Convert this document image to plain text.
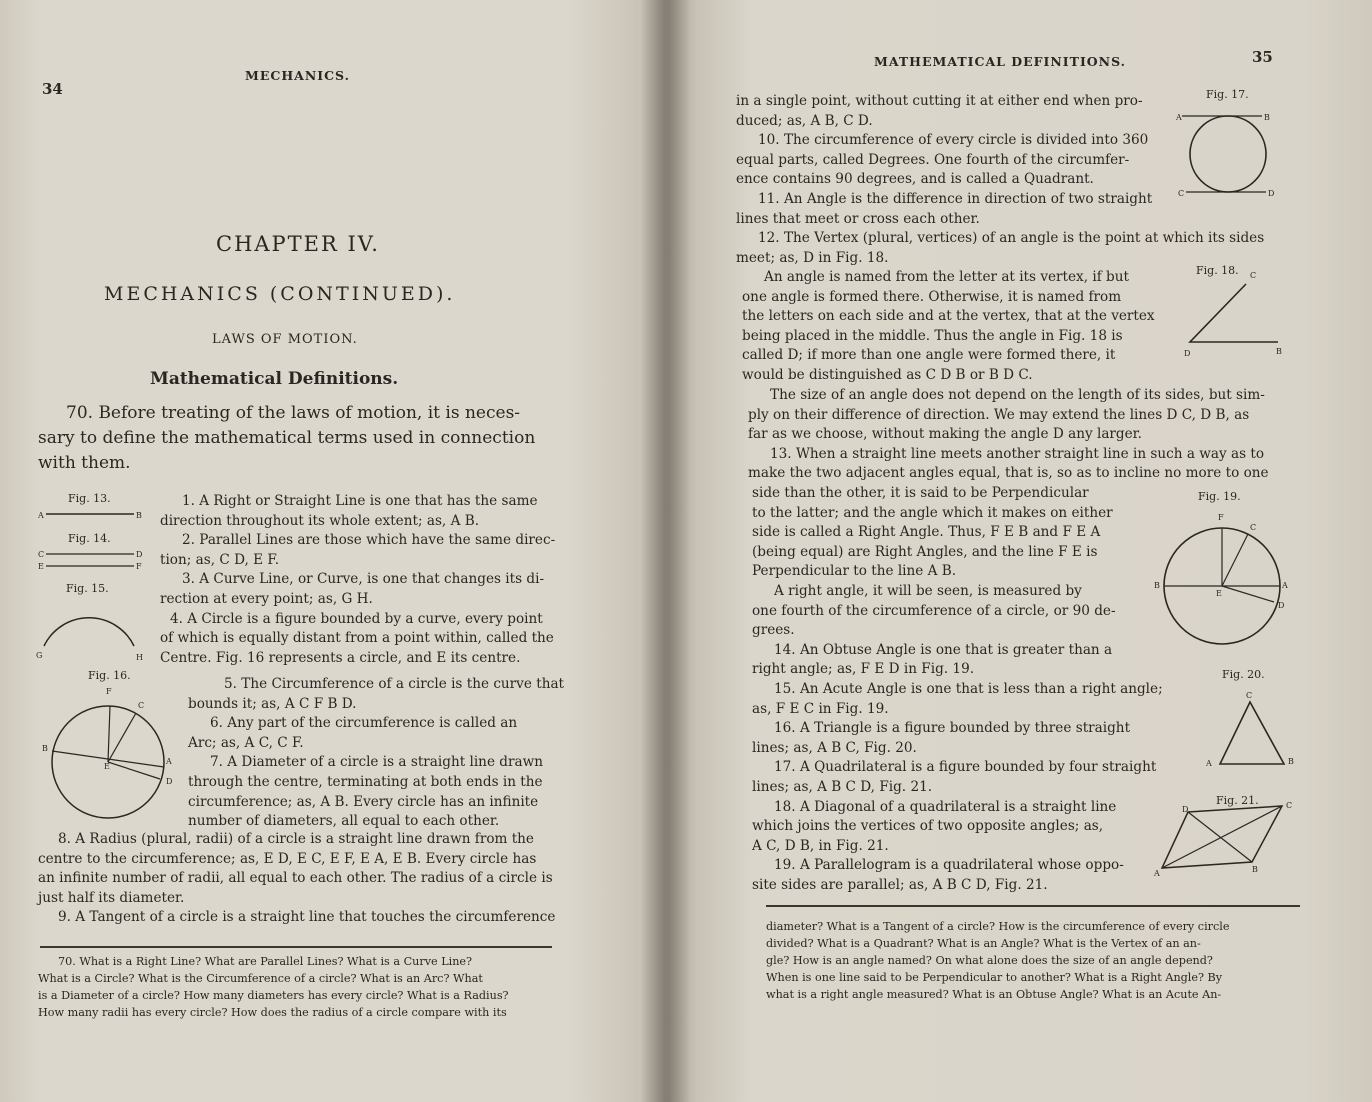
34
MECHANICS.
CHAPTER IV.
MECHANICS (CONTINUED).
LAWS OF MOTION.
Mathematical Definitions.

70. Before treating of the laws of motion, it is neces-

sary to define the mathematical terms used in connection

with them.

1. A Right or Straight Line is one that has the same

direction throughout its whole extent; as, A B.

2. Parallel Lines are those which have the same direc-

tion; as, C D, E F.

3. A Curve Line, or Curve, is one that changes its di-

rection at every point; as, G H.

4. A Circle is a figure bounded by a curve, every point

of which is equally distant from a point within, called the

Centre. Fig. 16 represents a circle, and E its centre.

5. The Circumference of a circle is the curve that

bounds it; as, A C F B D.

6. Any part of the circumference is called an

Arc; as, A C, C F.

7. A Diameter of a circle is a straight line drawn

through the centre, terminating at both ends in the

circumference; as, A B. Every circle has an infinite

number of diameters, all equal to each other.

8. A Radius (plural, radii) of a circle is a straight line drawn from the

centre to the circumference; as, E D, E C, E F, E A, E B. Every circle has

an infinite number of radii, all equal to each other. The radius of a circle is

just half its diameter.

9. A Tangent of a circle is a straight line that touches the circumference

70. What is a Right Line? What are Parallel Lines? What is a Curve Line?

What is a Circle? What is the Circumference of a circle? What is an Arc? What

is a Diameter of a circle? How many diameters has every circle? What is a Radius?

How many radii has every circle? How does the radius of a circle compare with its

Fig. 13.
A	B
Fig. 14.
C	D
E	F
Fig. 15.
G	H
Fig. 16.
F
C
B
A
E
D
35
MATHEMATICAL DEFINITIONS.

in a single point, without cutting it at either end when pro-

duced; as, A B, C D.

10. The circumference of every circle is divided into 360

equal parts, called Degrees. One fourth of the circumfer-

ence contains 90 degrees, and is called a Quadrant.

11. An Angle is the difference in direction of two straight

lines that meet or cross each other.

12. The Vertex (plural, vertices) of an angle is the point at which its sides

meet; as, D in Fig. 18.

An angle is named from the letter at its vertex, if but

one angle is formed there. Otherwise, it is named from

the letters on each side and at the vertex, that at the vertex

being placed in the middle. Thus the angle in Fig. 18 is

called D; if more than one angle were formed there, it

would be distinguished as C D B or B D C.

The size of an angle does not depend on the length of its sides, but sim-

ply on their difference of direction. We may extend the lines D C, D B, as

far as we choose, without making the angle D any larger.

13. When a straight line meets another straight line in such a way as to

make the two adjacent angles equal, that is, so as to incline no more to one

side than the other, it is said to be Perpendicular

to the latter; and the angle which it makes on either

side is called a Right Angle. Thus, F E B and F E A

(being equal) are Right Angles, and the line F E is

Perpendicular to the line A B.

A right angle, it will be seen, is measured by

one fourth of the circumference of a circle, or 90 de-

grees.

14. An Obtuse Angle is one that is greater than a

right angle; as, F E D in Fig. 19.

15. An Acute Angle is one that is less than a right angle;

as, F E C in Fig. 19.

16. A Triangle is a figure bounded by three straight

lines; as, A B C, Fig. 20.

17. A Quadrilateral is a figure bounded by four straight

lines; as, A B C D, Fig. 21.

18. A Diagonal of a quadrilateral is a straight line

which joins the vertices of two opposite angles; as,

A C, D B, in Fig. 21.

19. A Parallelogram is a quadrilateral whose oppo-

site sides are parallel; as, A B C D, Fig. 21.

diameter? What is a Tangent of a circle? How is the circumference of every circle

divided? What is a Quadrant? What is an Angle? What is the Vertex of an an-

gle? How is an angle named? On what alone does the size of an angle depend?

When is one line said to be Perpendicular to another? What is a Right Angle? By

what is a right angle measured? What is an Obtuse Angle? What is an Acute An-

Fig. 17.
A	B
C	D
Fig. 18. C
D	B
Fig. 19.
F
C
B
E
A
D
Fig. 20.
C
A	B
Fig. 21.
D	C
A	B
